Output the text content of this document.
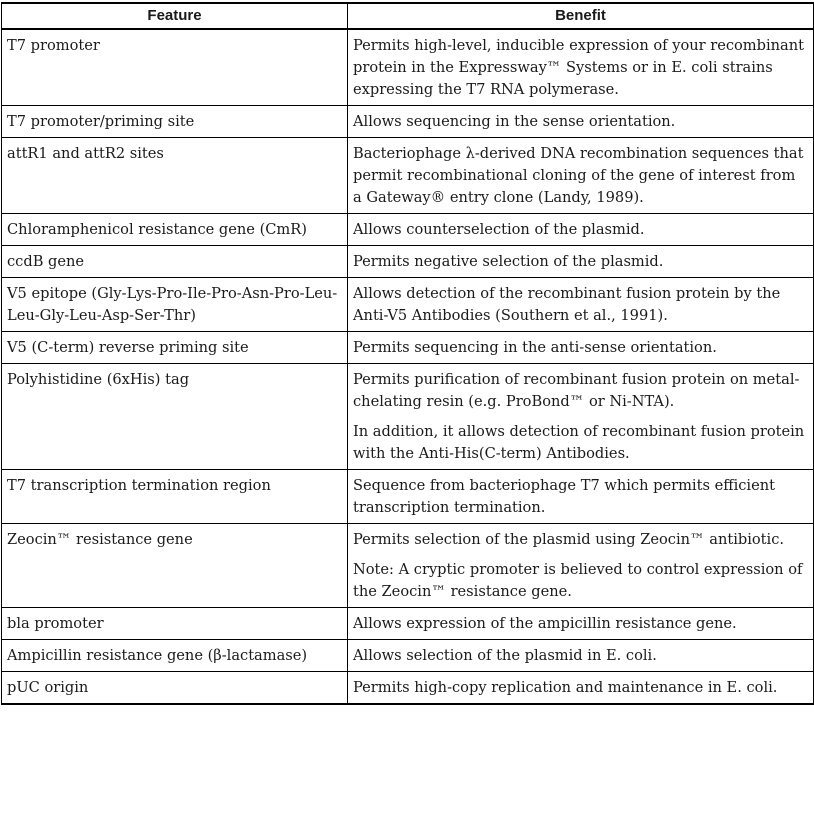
Feature	Benefit
T7 promoter	Permits high-level, inducible expression of your recombinant protein in the Expressway™ Systems or in E. coli strains expressing the T7 RNA polymerase.

T7 promoter/priming site	Allows sequencing in the sense orientation.

attR1 and attR2 sites	Bacteriophage λ-derived DNA recombination sequences that permit recombinational cloning of the gene of interest from a Gateway® entry clone (Landy, 1989).

Chloramphenicol resistance gene (CmR)	Allows counterselection of the plasmid.

ccdB gene	Permits negative selection of the plasmid.

V5 epitope (Gly-Lys-Pro-Ile-Pro-Asn-Pro-Leu-Leu-Gly-Leu-Asp-Ser-Thr)	Allows detection of the recombinant fusion protein by the Anti-V5 Antibodies (Southern et al., 1991).

V5 (C-term) reverse priming site	Permits sequencing in the anti-sense orientation.

Polyhistidine (6xHis) tag	Permits purification of recombinant fusion protein on metal-chelating resin (e.g. ProBond™ or Ni-NTA).

In addition, it allows detection of recombinant fusion protein with the Anti-His(C-term) Antibodies.

T7 transcription termination region	Sequence from bacteriophage T7 which permits efficient transcription termination.

Zeocin™ resistance gene	Permits selection of the plasmid using Zeocin™ antibiotic.

Note: A cryptic promoter is believed to control expression of the Zeocin™ resistance gene.

bla promoter	Allows expression of the ampicillin resistance gene.

Ampicillin resistance gene (β-lactamase)	Allows selection of the plasmid in E. coli.

pUC origin	Permits high-copy replication and maintenance in E. coli.
